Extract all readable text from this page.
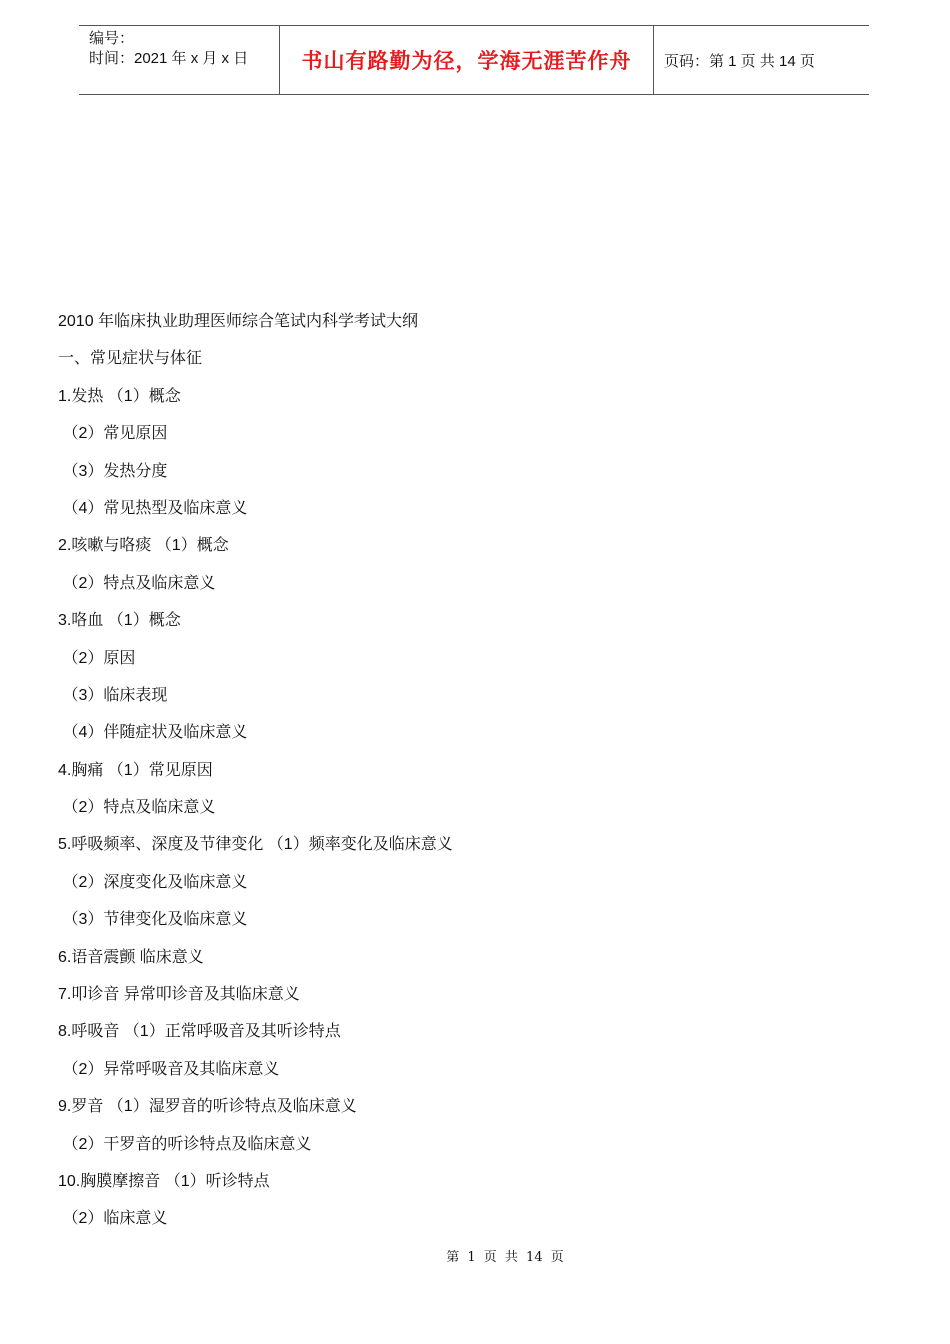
编号：
时间：2021 年 x 月 x 日	书山有路勤为径，学海无涯苦作舟	页码：第 1 页 共 14 页
2010 年临床执业助理医师综合笔试内科学考试大纲
一、常见症状与体征
1.发热 （1）概念
（2）常见原因
（3）发热分度
（4）常见热型及临床意义
2.咳嗽与咯痰 （1）概念
（2）特点及临床意义
3.咯血 （1）概念
（2）原因
（3）临床表现
（4）伴随症状及临床意义
4.胸痛 （1）常见原因
（2）特点及临床意义
5.呼吸频率、深度及节律变化 （1）频率变化及临床意义
（2）深度变化及临床意义
（3）节律变化及临床意义
6.语音震颤 临床意义
7.叩诊音 异常叩诊音及其临床意义
8.呼吸音 （1）正常呼吸音及其听诊特点
（2）异常呼吸音及其临床意义
9.罗音 （1）湿罗音的听诊特点及临床意义
（2）干罗音的听诊特点及临床意义
10.胸膜摩擦音 （1）听诊特点
（2）临床意义
第 1 页 共 14 页
